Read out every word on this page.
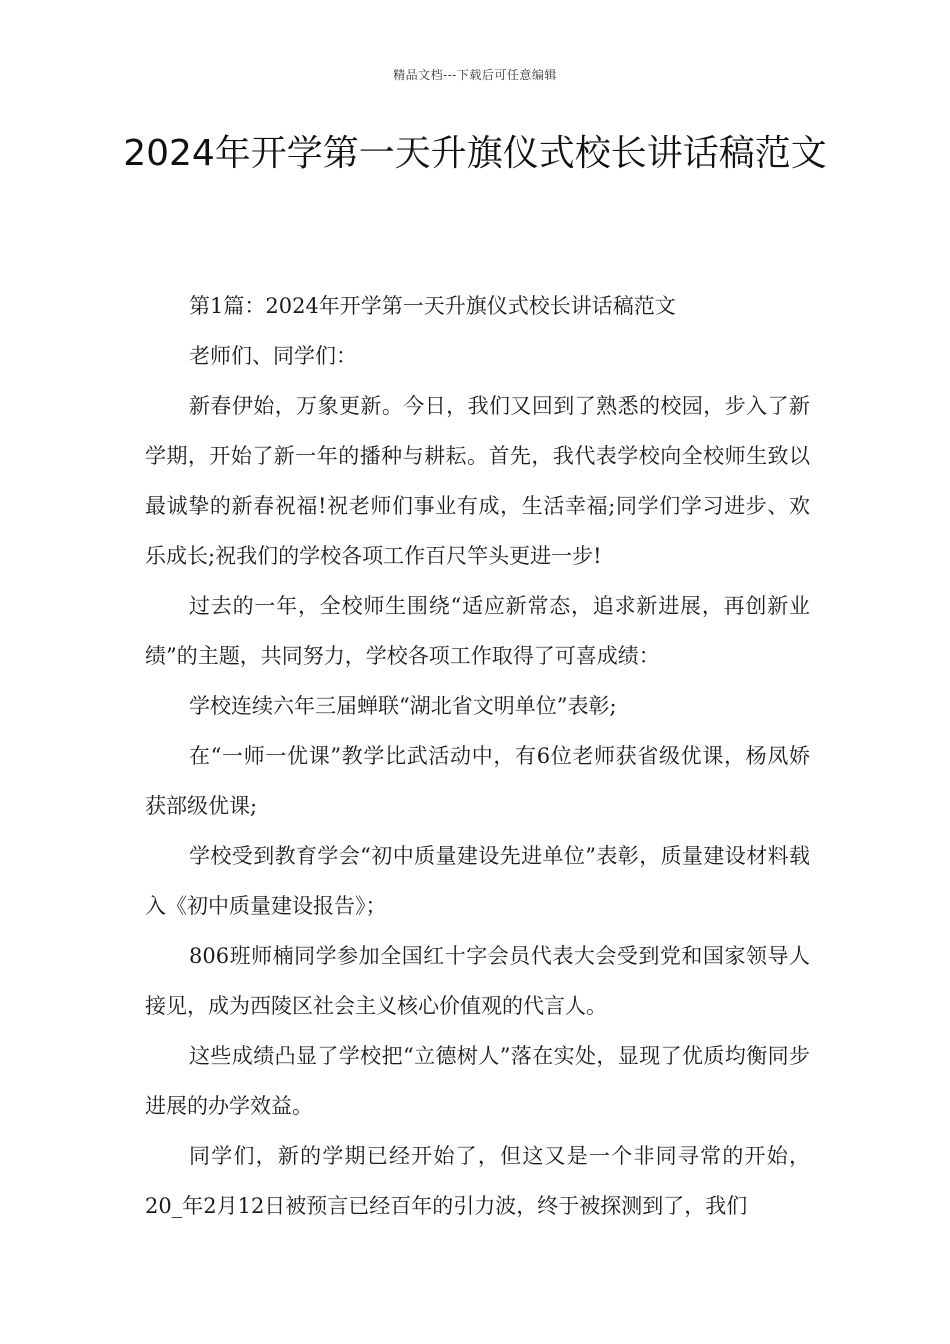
精品文档---下载后可任意编辑
2024年开学第一天升旗仪式校长讲话稿范文

第1篇：2024年开学第一天升旗仪式校长讲话稿范文

老师们、同学们：

新春伊始，万象更新。今日，我们又回到了熟悉的校园，步入了新学期，开始了新一年的播种与耕耘。首先，我代表学校向全校师生致以最诚挚的新春祝福!祝老师们事业有成，生活幸福;同学们学习进步、欢乐成长;祝我们的学校各项工作百尺竿头更进一步!

过去的一年，全校师生围绕“适应新常态，追求新进展，再创新业绩”的主题，共同努力，学校各项工作取得了可喜成绩：

学校连续六年三届蝉联“湖北省文明单位”表彰;

在“一师一优课”教学比武活动中，有6位老师获省级优课，杨凤娇获部级优课;

学校受到教育学会“初中质量建设先进单位”表彰，质量建设材料载入《初中质量建设报告》；

806班师楠同学参加全国红十字会员代表大会受到党和国家领导人接见，成为西陵区社会主义核心价值观的代言人。

这些成绩凸显了学校把“立德树人”落在实处，显现了优质均衡同步进展的办学效益。

同学们，新的学期已经开始了，但这又是一个非同寻常的开始，20_年2月12日被预言已经百年的引力波，终于被探测到了，我们
